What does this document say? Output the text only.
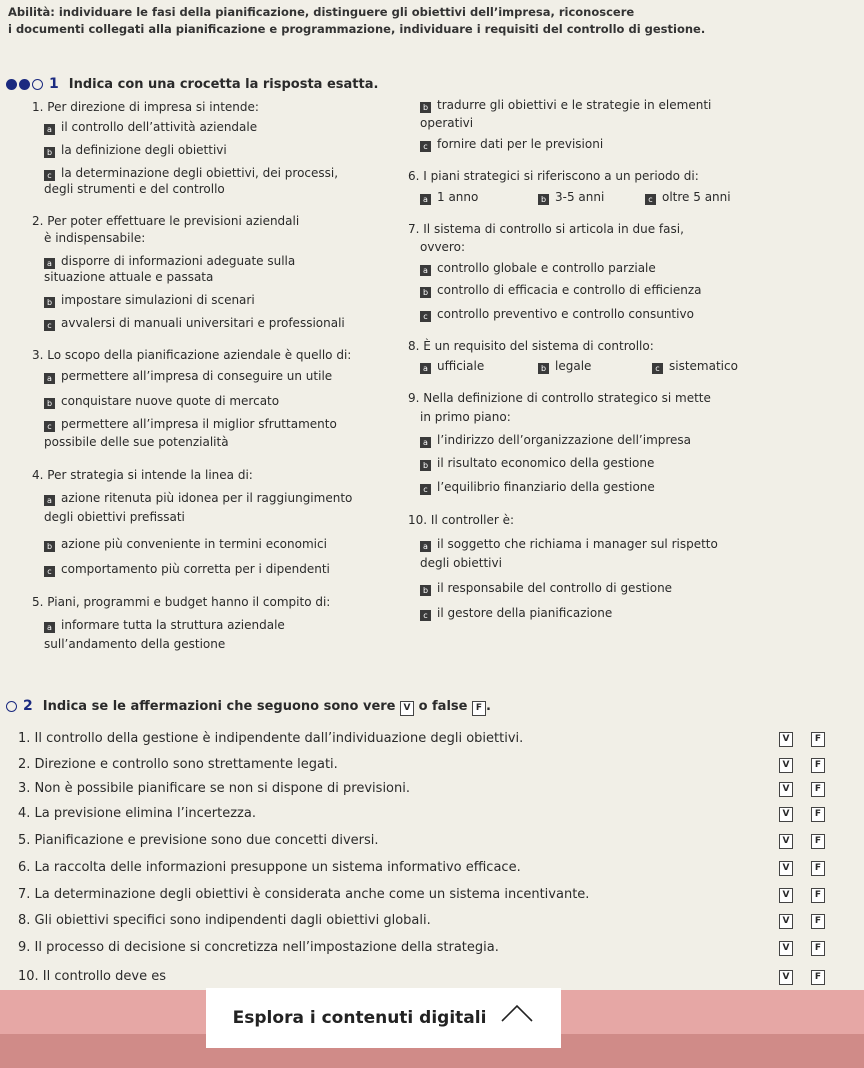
Abilità: individuare le fasi della pianificazione, distinguere gli obiettivi dell’impresa, riconoscere
i documenti collegati alla pianificazione e programmazione, individuare i requisiti del controllo di gestione.
1 Indica con una crocetta la risposta esatta.
1. Per direzione di impresa si intende:
a il controllo dell’attività aziendale
b la definizione degli obiettivi
c la determinazione degli obiettivi, dei processi,
degli strumenti e del controllo
2. Per poter effettuare le previsioni aziendali
è indispensabile:
a disporre di informazioni adeguate sulla
situazione attuale e passata
b impostare simulazioni di scenari
c avvalersi di manuali universitari e professionali
3. Lo scopo della pianificazione aziendale è quello di:
a permettere all’impresa di conseguire un utile
b conquistare nuove quote di mercato
c permettere all’impresa il miglior sfruttamento
possibile delle sue potenzialità
4. Per strategia si intende la linea di:
a azione ritenuta più idonea per il raggiungimento
degli obiettivi prefissati
b azione più conveniente in termini economici
c comportamento più corretta per i dipendenti
5. Piani, programmi e budget hanno il compito di:
a informare tutta la struttura aziendale
sull’andamento della gestione
b tradurre gli obiettivi e le strategie in elementi
operativi
c fornire dati per le previsioni
6. I piani strategici si riferiscono a un periodo di:
a 1 anno	b 3-5 anni	c oltre 5 anni
7. Il sistema di controllo si articola in due fasi,
ovvero:
a controllo globale e controllo parziale
b controllo di efficacia e controllo di efficienza
c controllo preventivo e controllo consuntivo
8. È un requisito del sistema di controllo:
a ufficiale	b legale	c sistematico
9. Nella definizione di controllo strategico si mette
in primo piano:
a l’indirizzo dell’organizzazione dell’impresa
b il risultato economico della gestione
c l’equilibrio finanziario della gestione
10. Il controller è:
a il soggetto che richiama i manager sul rispetto
degli obiettivi
b il responsabile del controllo di gestione
c il gestore della pianificazione
2 Indica se le affermazioni che seguono sono vere V o false F .
1. Il controllo della gestione è indipendente dall’individuazione degli obiettivi.	V	F
2. Direzione e controllo sono strettamente legati.	V	F
3. Non è possibile pianificare se non si dispone di previsioni.	V	F
4. La previsione elimina l’incertezza.	V	F
5. Pianificazione e previsione sono due concetti diversi.	V	F
6. La raccolta delle informazioni presuppone un sistema informativo efficace.	V	F
7. La determinazione degli obiettivi è considerata anche come un sistema incentivante.	V	F
8. Gli obiettivi specifici sono indipendenti dagli obiettivi globali.	V	F
9. Il processo di decisione si concretizza nell’impostazione della strategia.	V	F
10. Il controllo deve es	V	F
Esplora i contenuti digitali
